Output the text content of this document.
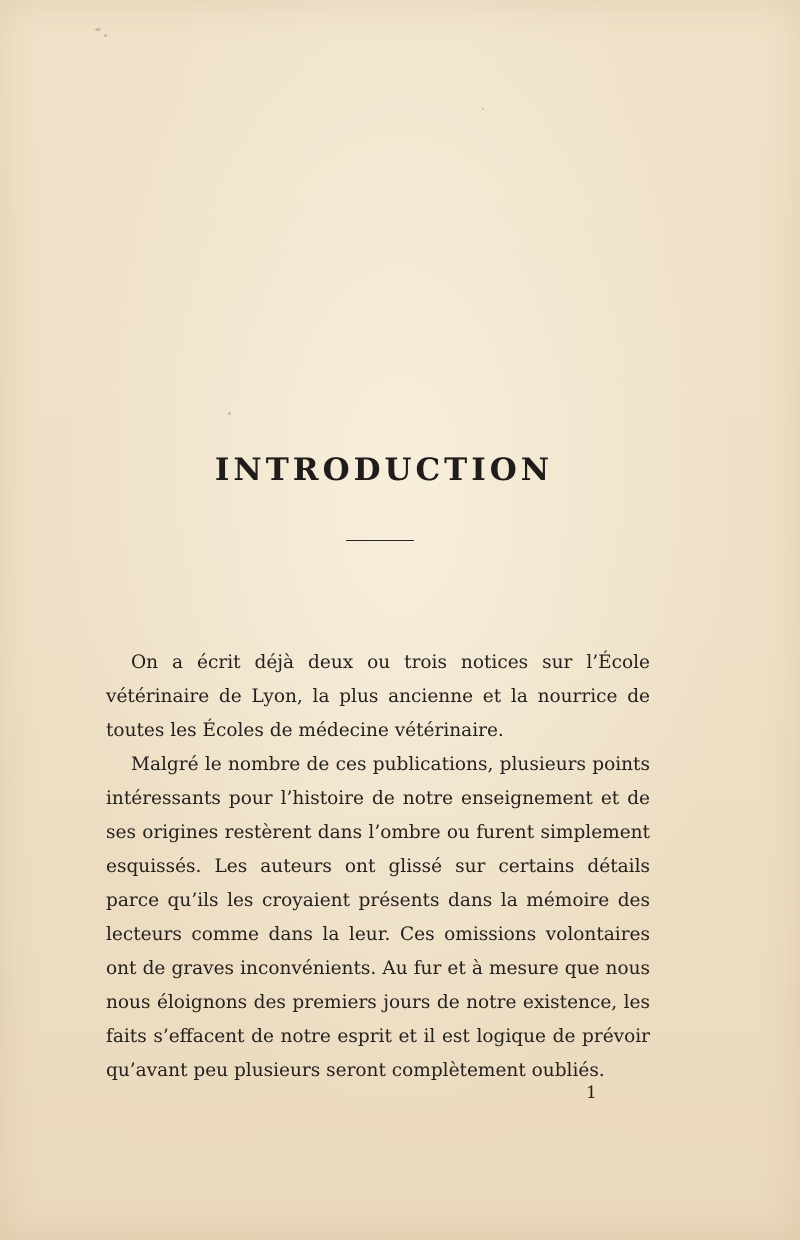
INTRODUCTION

On a écrit déjà deux ou trois notices sur l’École vétérinaire de Lyon, la plus ancienne et la nourrice de toutes les Écoles de médecine vétérinaire.

Malgré le nombre de ces publications, plusieurs points intéressants pour l’histoire de notre enseignement et de ses origines restèrent dans l’ombre ou furent simplement esquissés. Les auteurs ont glissé sur certains détails parce qu’ils les croyaient présents dans la mémoire des lecteurs comme dans la leur. Ces omissions volontaires ont de graves inconvénients. Au fur et à mesure que nous nous éloignons des premiers jours de notre existence, les faits s’effacent de notre esprit et il est logique de prévoir qu’avant peu plusieurs seront complètement oubliés.

1
